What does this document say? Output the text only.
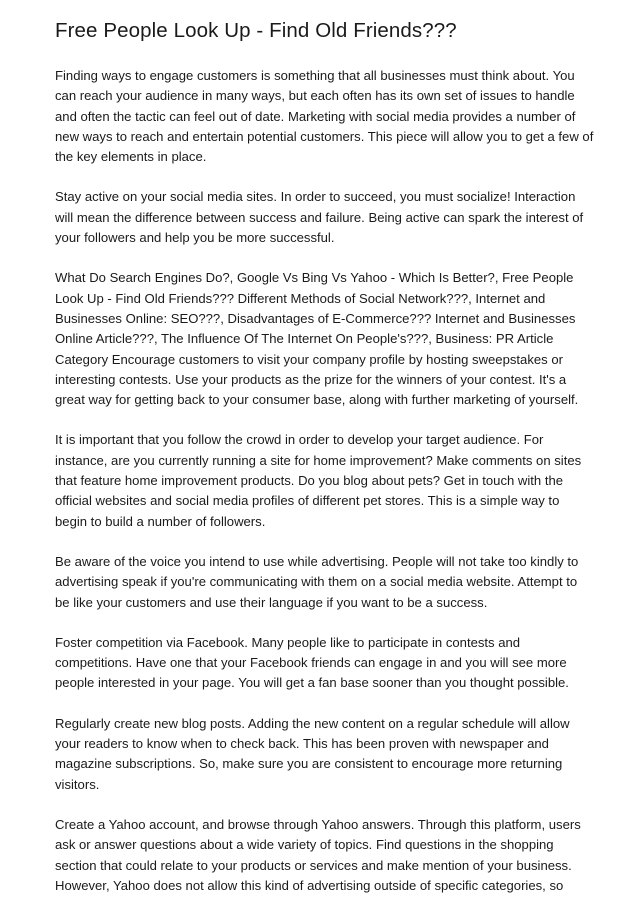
Free People Look Up - Find Old Friends???

Finding ways to engage customers is something that all businesses must think about. You can reach your audience in many ways, but each often has its own set of issues to handle and often the tactic can feel out of date. Marketing with social media provides a number of new ways to reach and entertain potential customers. This piece will allow you to get a few of the key elements in place.

Stay active on your social media sites. In order to succeed, you must socialize! Interaction will mean the difference between success and failure. Being active can spark the interest of your followers and help you be more successful.

What Do Search Engines Do?, Google Vs Bing Vs Yahoo - Which Is Better?, Free People Look Up - Find Old Friends??? Different Methods of Social Network???, Internet and Businesses Online: SEO???, Disadvantages of E-Commerce??? Internet and Businesses Online Article???, The Influence Of The Internet On People's???, Business: PR Article Category Encourage customers to visit your company profile by hosting sweepstakes or interesting contests. Use your products as the prize for the winners of your contest. It's a great way for getting back to your consumer base, along with further marketing of yourself.

It is important that you follow the crowd in order to develop your target audience. For instance, are you currently running a site for home improvement? Make comments on sites that feature home improvement products. Do you blog about pets? Get in touch with the official websites and social media profiles of different pet stores. This is a simple way to begin to build a number of followers.

Be aware of the voice you intend to use while advertising. People will not take too kindly to advertising speak if you're communicating with them on a social media website. Attempt to be like your customers and use their language if you want to be a success.

Foster competition via Facebook. Many people like to participate in contests and competitions. Have one that your Facebook friends can engage in and you will see more people interested in your page. You will get a fan base sooner than you thought possible.

Regularly create new blog posts. Adding the new content on a regular schedule will allow your readers to know when to check back. This has been proven with newspaper and magazine subscriptions. So, make sure you are consistent to encourage more returning visitors.

Create a Yahoo account, and browse through Yahoo answers. Through this platform, users ask or answer questions about a wide variety of topics. Find questions in the shopping section that could relate to your products or services and make mention of your business. However, Yahoo does not allow this kind of advertising outside of specific categories, so
